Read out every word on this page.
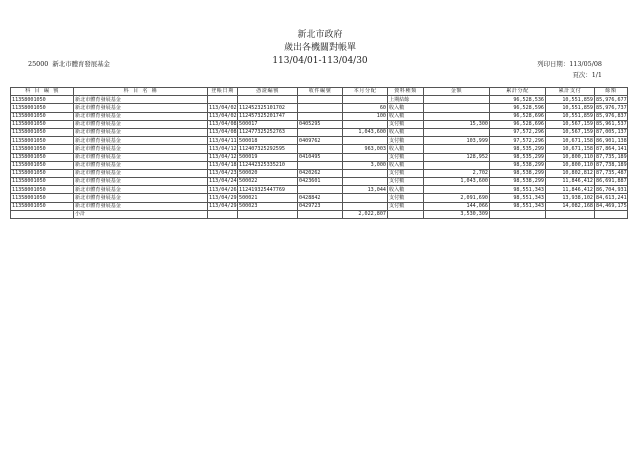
新北市政府
歲出各機關對帳單
113/04/01-113/04/30
25000 新北市體育發展基金	列印日期：113/05/08
頁次：1/1
科 目 編 號	科 目 名 稱	登帳日期	憑證編號	收件編號	本月分配	資料種類	金額	累計分配	累計支付	餘額
11358001050	新北市體育發展基金					上期結餘		96,528,536	10,551,859	85,976,677
11358001050	新北市體育發展基金	113/04/02	112452325101702		60	收入數		96,528,596	10,551,859	85,976,737
11358001050	新北市體育發展基金	113/04/02	112457325201747		100	收入數		96,528,696	10,551,859	85,976,837
11358001050	新北市體育發展基金	113/04/08	500017	0405295		支付數	15,300	96,528,696	10,567,159	85,961,537
11358001050	新北市體育發展基金	113/04/08	112477325252763		1,043,600	收入數		97,572,296	10,567,159	87,005,137
11358001050	新北市體育發展基金	113/04/11	500018	0409762		支付數	103,999	97,572,296	10,671,158	86,901,138
11358001050	新北市體育發展基金	113/04/12	112407325292595		963,003	收入數		98,535,299	10,671,158	87,864,141
11358001050	新北市體育發展基金	113/04/12	500019	0410495		支付數	128,952	98,535,299	10,800,110	87,735,189
11358001050	新北市體育發展基金	113/04/18	112442325335210		3,000	收入數		98,538,299	10,800,110	87,738,189
11358001050	新北市體育發展基金	113/04/23	500020	0420262		支付數	2,702	98,538,299	10,802,812	87,735,487
11358001050	新北市體育發展基金	113/04/24	500022	0423601		支付數	1,043,600	98,538,299	11,846,412	86,691,887
11358001050	新北市體育發展基金	113/04/26	112419325447769		13,044	收入數		98,551,343	11,846,412	86,704,931
11358001050	新北市體育發展基金	113/04/29	500021	0428842		支付數	2,091,690	98,551,343	13,938,102	84,613,241
11358001050	新北市體育發展基金	113/04/29	500023	0429723		支付數	144,066	98,551,343	14,082,168	84,469,175
	小計				2,022,807		3,530,309			
